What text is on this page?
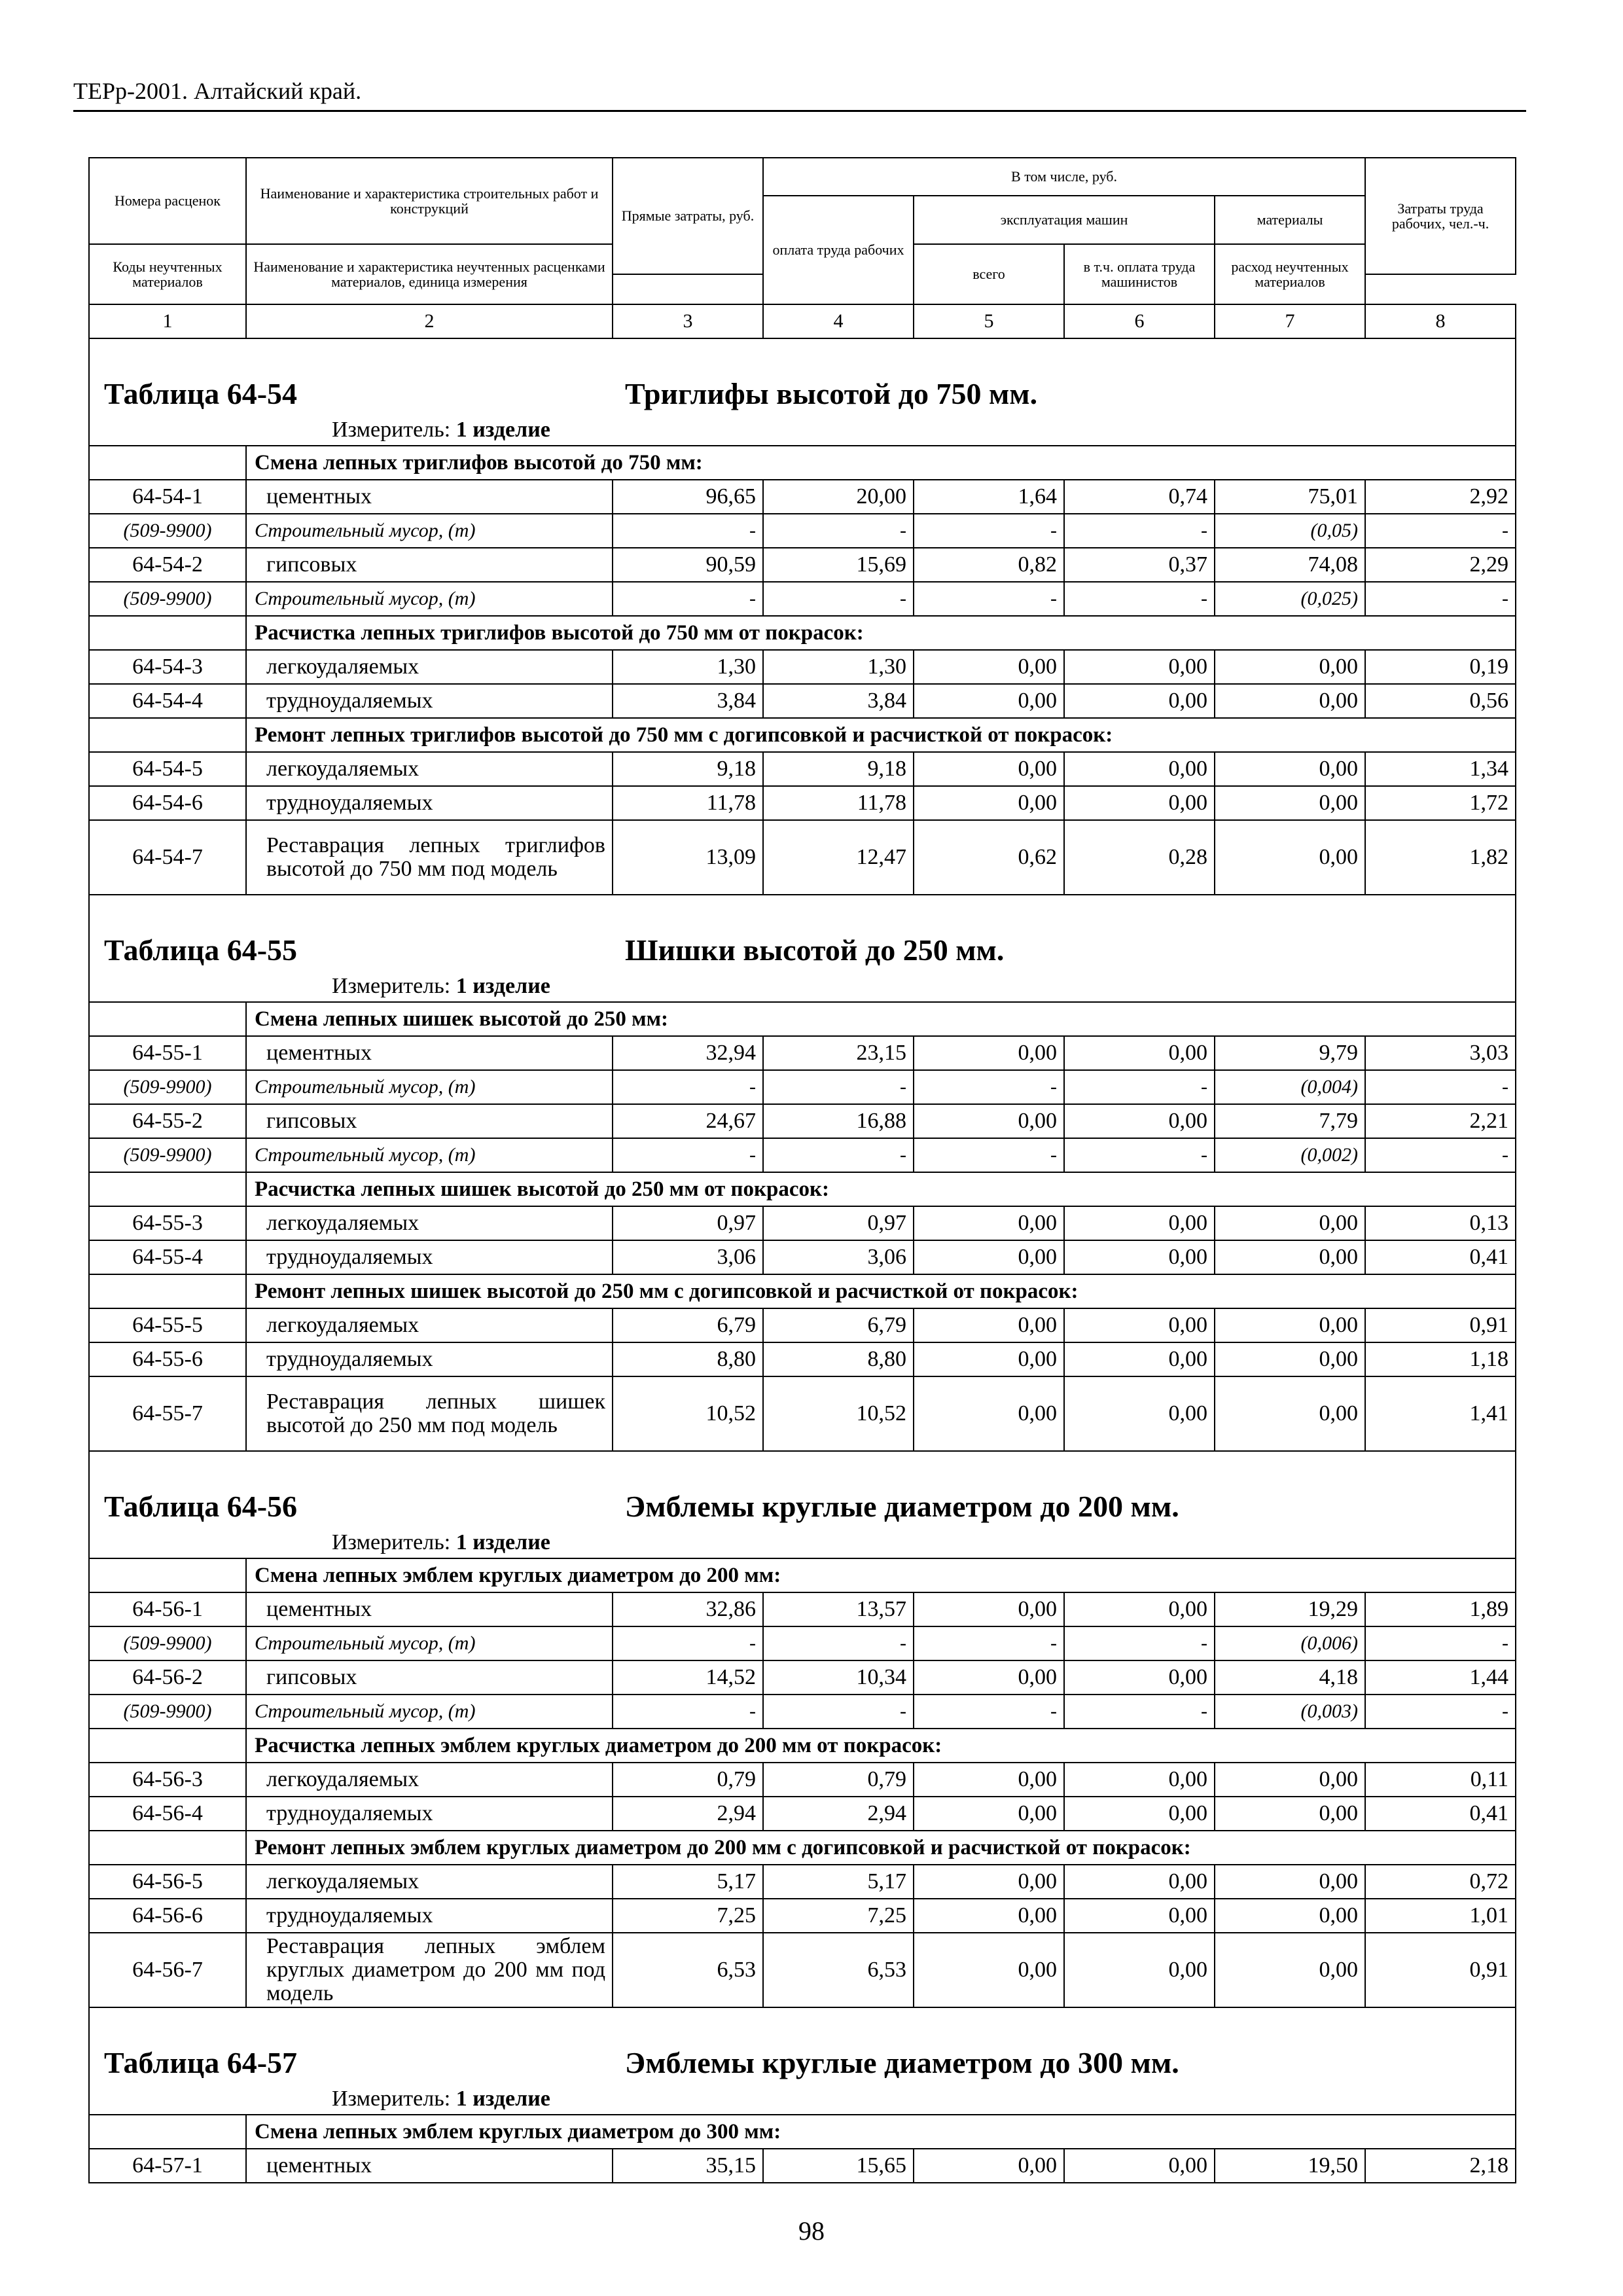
ТЕРр-2001. Алтайский край.
Номера расценок	Наименование и характеристика строительных работ и конструкций	Прямые затраты, руб.	В том числе, руб.				Затраты труда рабочих, чел.-ч.
			оплата труда рабочих	эксплуатация машин		материалы	

Коды неучтенных материалов	Наименование и характеристика неучтенных расценками материалов, единица измерения			всего	в т.ч. оплата труда машинистов	расход неучтенных материалов	

1	2	3	4	5	6	7	8

Таблица 64-54 Триглифы высотой до 750 мм.							

Измеритель: 1 изделие							
	Смена лепных триглифов высотой до 750 мм:						
64-54-1	цементных	96,65	20,00	1,64	0,74	75,01	2,92
(509-9900)	Строительный мусор, (т)	-	-	-	-	(0,05)	-
64-54-2	гипсовых	90,59	15,69	0,82	0,37	74,08	2,29
(509-9900)	Строительный мусор, (т)	-	-	-	-	(0,025)	-
	Расчистка лепных триглифов высотой до 750 мм от покрасок:						
64-54-3	легкоудаляемых	1,30	1,30	0,00	0,00	0,00	0,19
64-54-4	трудноудаляемых	3,84	3,84	0,00	0,00	0,00	0,56
	Ремонт лепных триглифов высотой до 750 мм с догипсовкой и расчисткой от покрасок:						
64-54-5	легкоудаляемых	9,18	9,18	0,00	0,00	0,00	1,34
64-54-6	трудноудаляемых	11,78	11,78	0,00	0,00	0,00	1,72
64-54-7	Реставрация лепных триглифов высотой до 750 мм под модель	13,09	12,47	0,62	0,28	0,00	1,82

Таблица 64-55 Шишки высотой до 250 мм.							

Измеритель: 1 изделие							
	Смена лепных шишек высотой до 250 мм:						
64-55-1	цементных	32,94	23,15	0,00	0,00	9,79	3,03
(509-9900)	Строительный мусор, (т)	-	-	-	-	(0,004)	-
64-55-2	гипсовых	24,67	16,88	0,00	0,00	7,79	2,21
(509-9900)	Строительный мусор, (т)	-	-	-	-	(0,002)	-
	Расчистка лепных шишек высотой до 250 мм от покрасок:						
64-55-3	легкоудаляемых	0,97	0,97	0,00	0,00	0,00	0,13
64-55-4	трудноудаляемых	3,06	3,06	0,00	0,00	0,00	0,41
	Ремонт лепных шишек высотой до 250 мм с догипсовкой и расчисткой от покрасок:						
64-55-5	легкоудаляемых	6,79	6,79	0,00	0,00	0,00	0,91
64-55-6	трудноудаляемых	8,80	8,80	0,00	0,00	0,00	1,18
64-55-7	Реставрация лепных шишек высотой до 250 мм под модель	10,52	10,52	0,00	0,00	0,00	1,41

Таблица 64-56 Эмблемы круглые диаметром до 200 мм.							

Измеритель: 1 изделие							
	Смена лепных эмблем круглых диаметром до 200 мм:						
64-56-1	цементных	32,86	13,57	0,00	0,00	19,29	1,89
(509-9900)	Строительный мусор, (т)	-	-	-	-	(0,006)	-
64-56-2	гипсовых	14,52	10,34	0,00	0,00	4,18	1,44
(509-9900)	Строительный мусор, (т)	-	-	-	-	(0,003)	-
	Расчистка лепных эмблем круглых диаметром до 200 мм от покрасок:						
64-56-3	легкоудаляемых	0,79	0,79	0,00	0,00	0,00	0,11
64-56-4	трудноудаляемых	2,94	2,94	0,00	0,00	0,00	0,41
	Ремонт лепных эмблем круглых диаметром до 200 мм с догипсовкой и расчисткой от покрасок:						
64-56-5	легкоудаляемых	5,17	5,17	0,00	0,00	0,00	0,72
64-56-6	трудноудаляемых	7,25	7,25	0,00	0,00	0,00	1,01
64-56-7	Реставрация лепных эмблем круглых диаметром до 200 мм под модель	6,53	6,53	0,00	0,00	0,00	0,91

Таблица 64-57 Эмблемы круглые диаметром до 300 мм.							

Измеритель: 1 изделие							
	Смена лепных эмблем круглых диаметром до 300 мм:						
64-57-1	цементных	35,15	15,65	0,00	0,00	19,50	2,18
98
